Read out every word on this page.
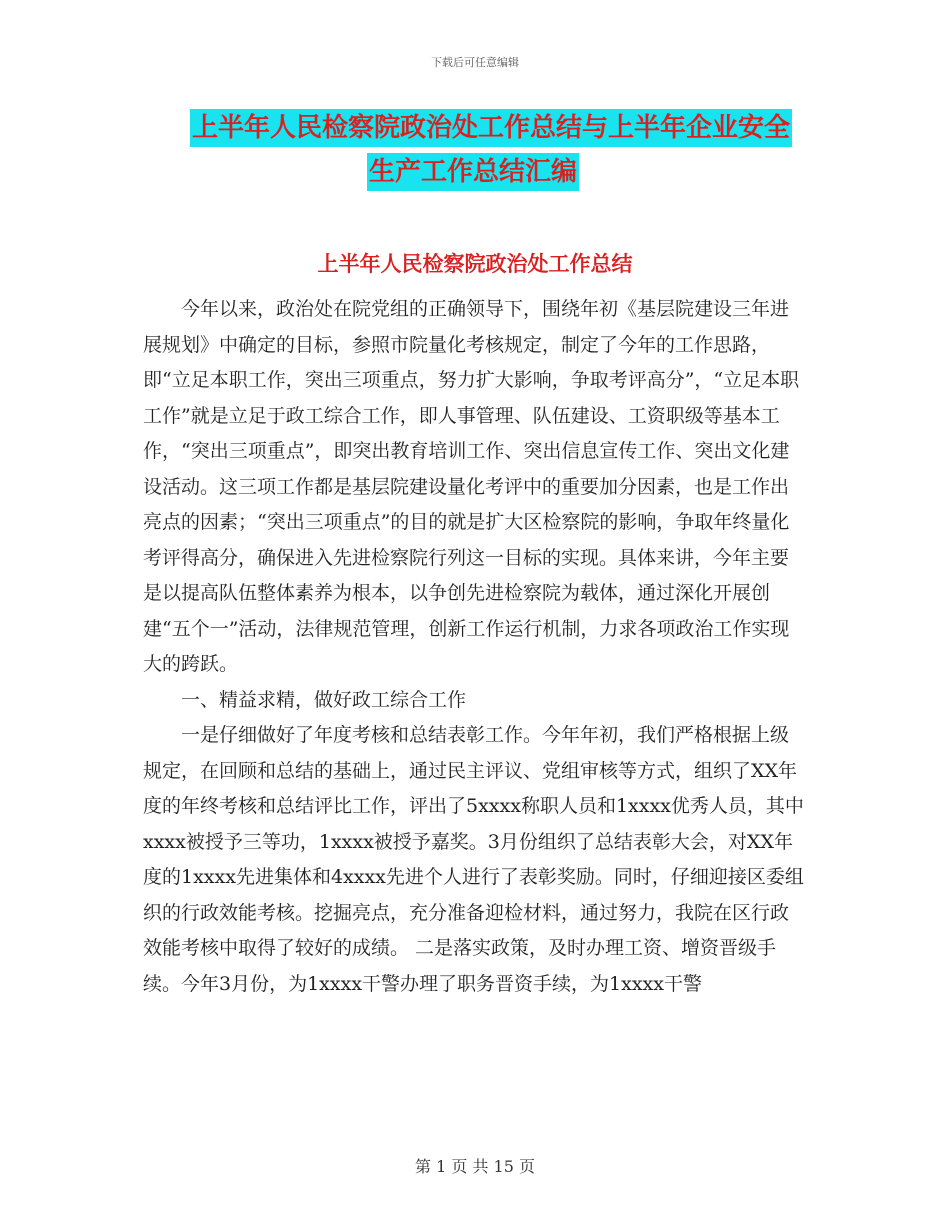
下载后可任意编辑
上半年人民检察院政治处工作总结与上半年企业安全
生产工作总结汇编
上半年人民检察院政治处工作总结

今年以来，政治处在院党组的正确领导下，围绕年初《基层院建设三年进展规划》中确定的目标，参照市院量化考核规定，制定了今年的工作思路，即“立足本职工作，突出三项重点，努力扩大影响，争取考评高分”，“立足本职工作”就是立足于政工综合工作，即人事管理、队伍建设、工资职级等基本工作，“突出三项重点”，即突出教育培训工作、突出信息宣传工作、突出文化建设活动。这三项工作都是基层院建设量化考评中的重要加分因素，也是工作出亮点的因素；“突出三项重点”的目的就是扩大区检察院的影响，争取年终量化考评得高分，确保进入先进检察院行列这一目标的实现。具体来讲，今年主要是以提高队伍整体素养为根本，以争创先进检察院为载体，通过深化开展创建“五个一”活动，法律规范管理，创新工作运行机制，力求各项政治工作实现大的跨跃。

一、精益求精，做好政工综合工作

一是仔细做好了年度考核和总结表彰工作。今年年初，我们严格根据上级规定，在回顾和总结的基础上，通过民主评议、党组审核等方式，组织了XX年度的年终考核和总结评比工作，评出了5xxxx称职人员和1xxxx优秀人员，其中xxxx被授予三等功，1xxxx被授予嘉奖。3月份组织了总结表彰大会，对XX年度的1xxxx先进集体和4xxxx先进个人进行了表彰奖励。同时，仔细迎接区委组织的行政效能考核。挖掘亮点，充分准备迎检材料，通过努力，我院在区行政效能考核中取得了较好的成绩。 二是落实政策，及时办理工资、增资晋级手续。今年3月份，为1xxxx干警办理了职务晋资手续，为1xxxx干警

第 1 页 共 15 页
